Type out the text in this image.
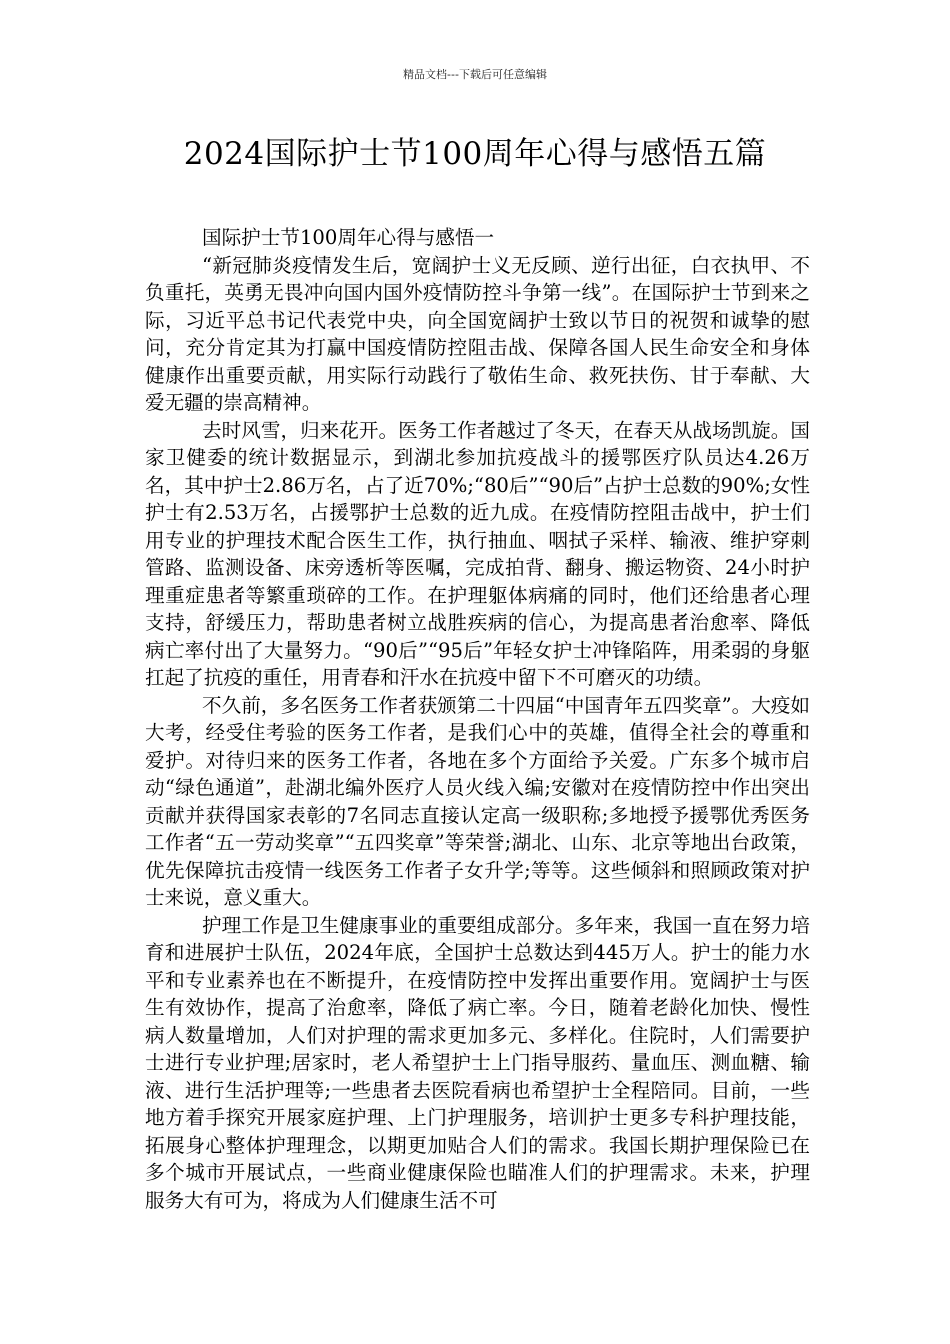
精品文档---下载后可任意编辑
2024国际护士节100周年心得与感悟五篇

国际护士节100周年心得与感悟一

“新冠肺炎疫情发生后，宽阔护士义无反顾、逆行出征，白衣执甲、不负重托，英勇无畏冲向国内国外疫情防控斗争第一线”。在国际护士节到来之际，习近平总书记代表党中央，向全国宽阔护士致以节日的祝贺和诚挚的慰问，充分肯定其为打赢中国疫情防控阻击战、保障各国人民生命安全和身体健康作出重要贡献，用实际行动践行了敬佑生命、救死扶伤、甘于奉献、大爱无疆的崇高精神。

去时风雪，归来花开。医务工作者越过了冬天，在春天从战场凯旋。国家卫健委的统计数据显示，到湖北参加抗疫战斗的援鄂医疗队员达4.26万名，其中护士2.86万名，占了近70%;“80后”“90后”占护士总数的90%;女性护士有2.53万名，占援鄂护士总数的近九成。在疫情防控阻击战中，护士们用专业的护理技术配合医生工作，执行抽血、咽拭子采样、输液、维护穿刺管路、监测设备、床旁透析等医嘱，完成拍背、翻身、搬运物资、24小时护理重症患者等繁重琐碎的工作。在护理躯体病痛的同时，他们还给患者心理支持，舒缓压力，帮助患者树立战胜疾病的信心，为提高患者治愈率、降低病亡率付出了大量努力。“90后”“95后”年轻女护士冲锋陷阵，用柔弱的身躯扛起了抗疫的重任，用青春和汗水在抗疫中留下不可磨灭的功绩。

不久前，多名医务工作者获颁第二十四届“中国青年五四奖章”。大疫如大考，经受住考验的医务工作者，是我们心中的英雄，值得全社会的尊重和爱护。对待归来的医务工作者，各地在多个方面给予关爱。广东多个城市启动“绿色通道”，赴湖北编外医疗人员火线入编;安徽对在疫情防控中作出突出贡献并获得国家表彰的7名同志直接认定高一级职称;多地授予援鄂优秀医务工作者“五一劳动奖章”“五四奖章”等荣誉;湖北、山东、北京等地出台政策，优先保障抗击疫情一线医务工作者子女升学;等等。这些倾斜和照顾政策对护士来说，意义重大。

护理工作是卫生健康事业的重要组成部分。多年来，我国一直在努力培育和进展护士队伍，2024年底，全国护士总数达到445万人。护士的能力水平和专业素养也在不断提升，在疫情防控中发挥出重要作用。宽阔护士与医生有效协作，提高了治愈率，降低了病亡率。今日，随着老龄化加快、慢性病人数量增加，人们对护理的需求更加多元、多样化。住院时，人们需要护士进行专业护理;居家时，老人希望护士上门指导服药、量血压、测血糖、输液、进行生活护理等;一些患者去医院看病也希望护士全程陪同。目前，一些地方着手探究开展家庭护理、上门护理服务，培训护士更多专科护理技能，拓展身心整体护理理念，以期更加贴合人们的需求。我国长期护理保险已在多个城市开展试点，一些商业健康保险也瞄准人们的护理需求。未来，护理服务大有可为，将成为人们健康生活不可
